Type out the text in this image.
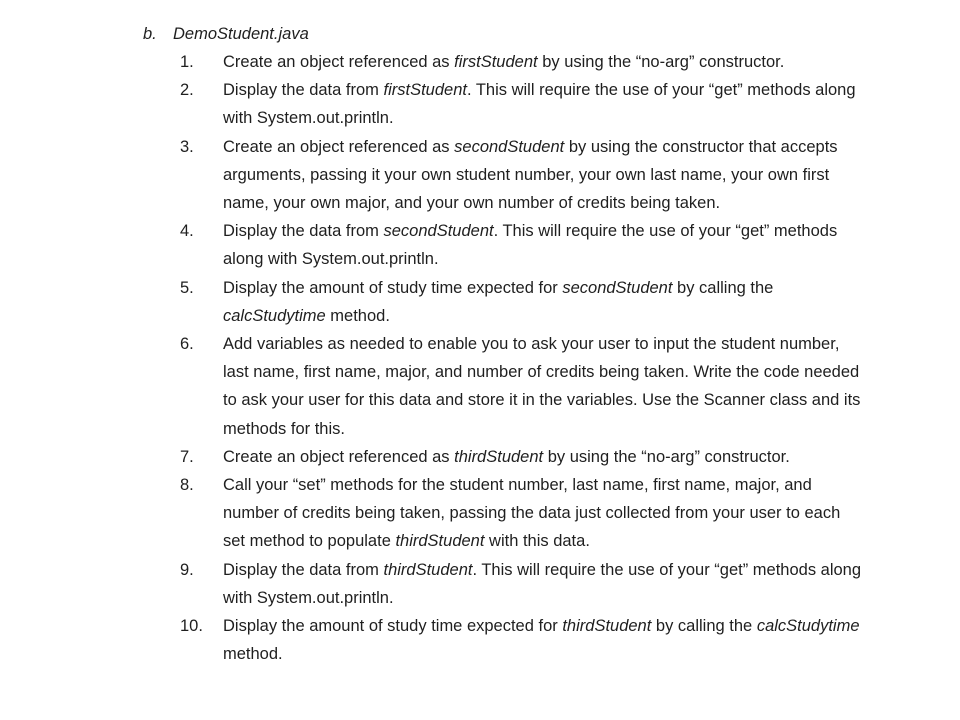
b. DemoStudent.java
1.	Create an object referenced as firstStudent by using the “no-arg” constructor.
2.	Display the data from firstStudent. This will require the use of your “get” methods along with System.out.println.
3.	Create an object referenced as secondStudent by using the constructor that accepts arguments, passing it your own student number, your own last name, your own first name, your own major, and your own number of credits being taken.
4.	Display the data from secondStudent. This will require the use of your “get” methods along with System.out.println.
5.	Display the amount of study time expected for secondStudent by calling the calcStudytime method.
6.	Add variables as needed to enable you to ask your user to input the student number, last name, first name, major, and number of credits being taken. Write the code needed to ask your user for this data and store it in the variables. Use the Scanner class and its methods for this.
7.	Create an object referenced as thirdStudent by using the “no-arg” constructor.
8.	Call your “set” methods for the student number, last name, first name, major, and number of credits being taken, passing the data just collected from your user to each set method to populate thirdStudent with this data.
9.	Display the data from thirdStudent. This will require the use of your “get” methods along with System.out.println.
10.	Display the amount of study time expected for thirdStudent by calling the calcStudytime method.
